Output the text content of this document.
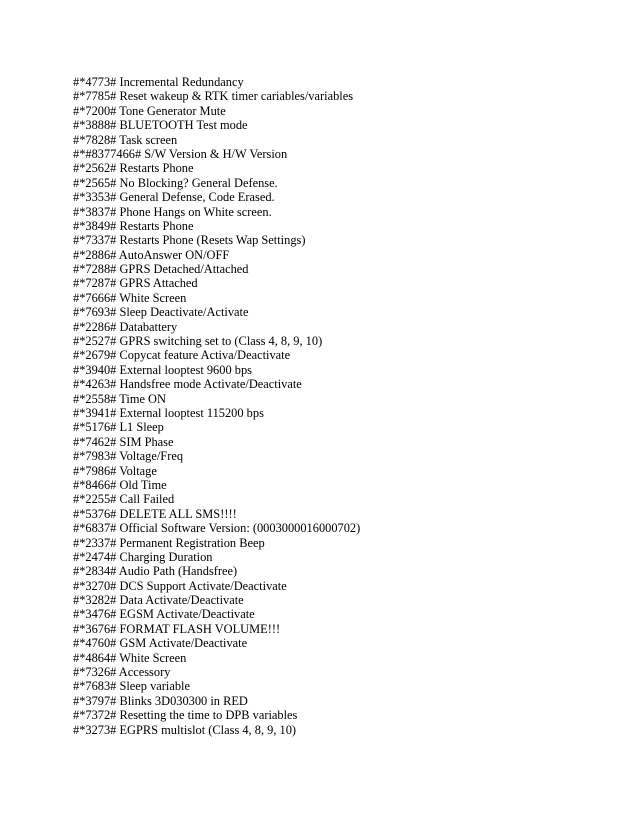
#*4773# Incremental Redundancy
#*7785# Reset wakeup & RTK timer cariables/variables
#*7200# Tone Generator Mute
#*3888# BLUETOOTH Test mode
#*7828# Task screen
#*#8377466# S/W Version & H/W Version
#*2562# Restarts Phone
#*2565# No Blocking? General Defense.
#*3353# General Defense, Code Erased.
#*3837# Phone Hangs on White screen.
#*3849# Restarts Phone
#*7337# Restarts Phone (Resets Wap Settings)
#*2886# AutoAnswer ON/OFF
#*7288# GPRS Detached/Attached
#*7287# GPRS Attached
#*7666# White Screen
#*7693# Sleep Deactivate/Activate
#*2286# Databattery
#*2527# GPRS switching set to (Class 4, 8, 9, 10)
#*2679# Copycat feature Activa/Deactivate
#*3940# External looptest 9600 bps
#*4263# Handsfree mode Activate/Deactivate
#*2558# Time ON
#*3941# External looptest 115200 bps
#*5176# L1 Sleep
#*7462# SIM Phase
#*7983# Voltage/Freq
#*7986# Voltage
#*8466# Old Time
#*2255# Call Failed
#*5376# DELETE ALL SMS!!!!
#*6837# Official Software Version: (0003000016000702)
#*2337# Permanent Registration Beep
#*2474# Charging Duration
#*2834# Audio Path (Handsfree)
#*3270# DCS Support Activate/Deactivate
#*3282# Data Activate/Deactivate
#*3476# EGSM Activate/Deactivate
#*3676# FORMAT FLASH VOLUME!!!
#*4760# GSM Activate/Deactivate
#*4864# White Screen
#*7326# Accessory
#*7683# Sleep variable
#*3797# Blinks 3D030300 in RED
#*7372# Resetting the time to DPB variables
#*3273# EGPRS multislot (Class 4, 8, 9, 10)
